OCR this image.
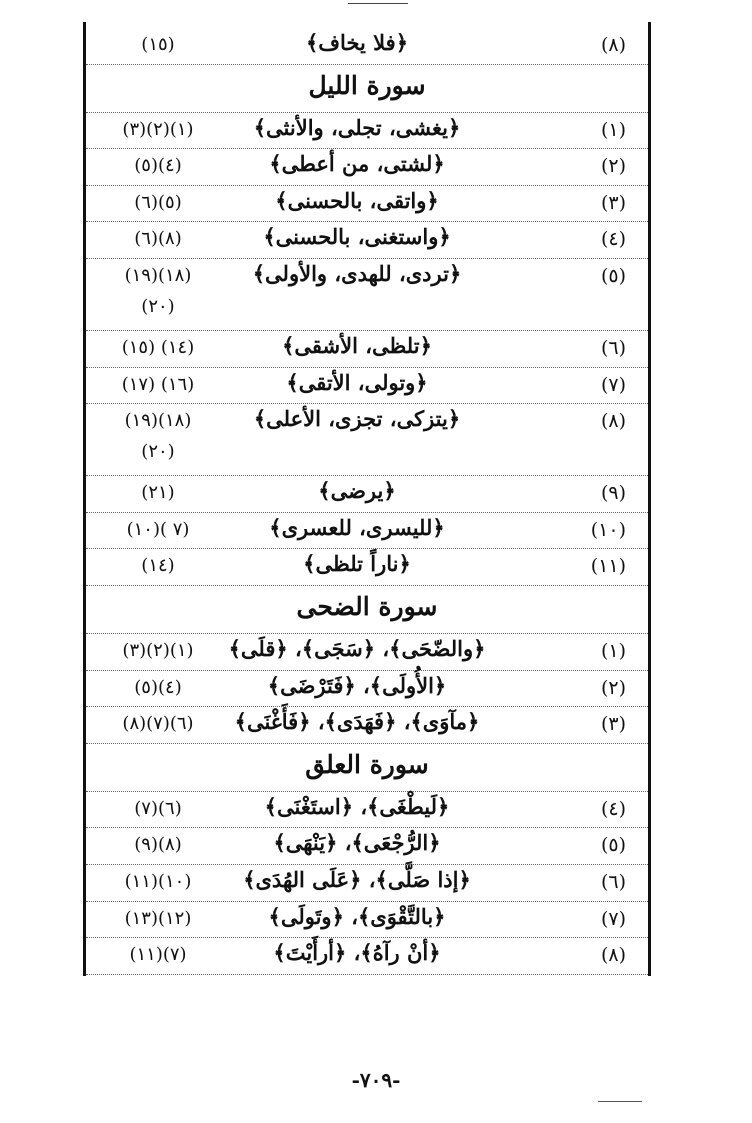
(٨)
﴿فلا يخاف﴾
(١٥)
سورة الليل
(١)
﴿يغشى، تجلى، والأنثى﴾
(١)(٢)(٣)
(٢)
﴿لشتى، من أعطى﴾
(٤)(٥)
(٣)
﴿واتقى، بالحسنى﴾
(٥)(٦)
(٤)
﴿واستغنى، بالحسنى﴾
(٨)(٦)
(٥)
﴿تردى، للهدى، والأولى﴾
(١٨)(١٩)
(٢٠)
(٦)
﴿تلظى، الأشقى﴾
(١٤) (١٥)
(٧)
﴿وتولى، الأتقى﴾
(١٦) (١٧)
(٨)
﴿يتزكى، تجزى، الأعلى﴾
(١٨)(١٩)
(٢٠)
(٩)
﴿يرضى﴾
(٢١)
(١٠)
﴿لليسرى، للعسرى﴾
(٧ )(١٠)
(١١)
﴿ناراً تلظى﴾
(١٤)
سورة الضحى
(١)
﴿والضّحَى﴾، ﴿سَجَى﴾، ﴿قلَى﴾
(١)(٢)(٣)
(٢)
﴿الأُولَى﴾، ﴿فَتَرْضَى﴾
(٤)(٥)
(٣)
﴿مآوَى﴾، ﴿فَهَدَى﴾، ﴿فَأَغْنَى﴾
(٦)(٧)(٨)
سورة العلق
(٤)
﴿لَيطْغَى﴾، ﴿استَغْنَى﴾
(٦)(٧)
(٥)
﴿الرُّجْعَى﴾، ﴿يَنْهَى﴾
(٨)(٩)
(٦)
﴿إذا صَلَّى﴾، ﴿عَلَى الهُدَى﴾
(١٠)(١١)
(٧)
﴿بالتَّقْوَى﴾، ﴿وتَولَى﴾
(١٢)(١٣)
(٨)
﴿أنْ رآهُ﴾، ﴿أرأَيْتَ﴾
(٧)(١١)
-٧٠٩-
